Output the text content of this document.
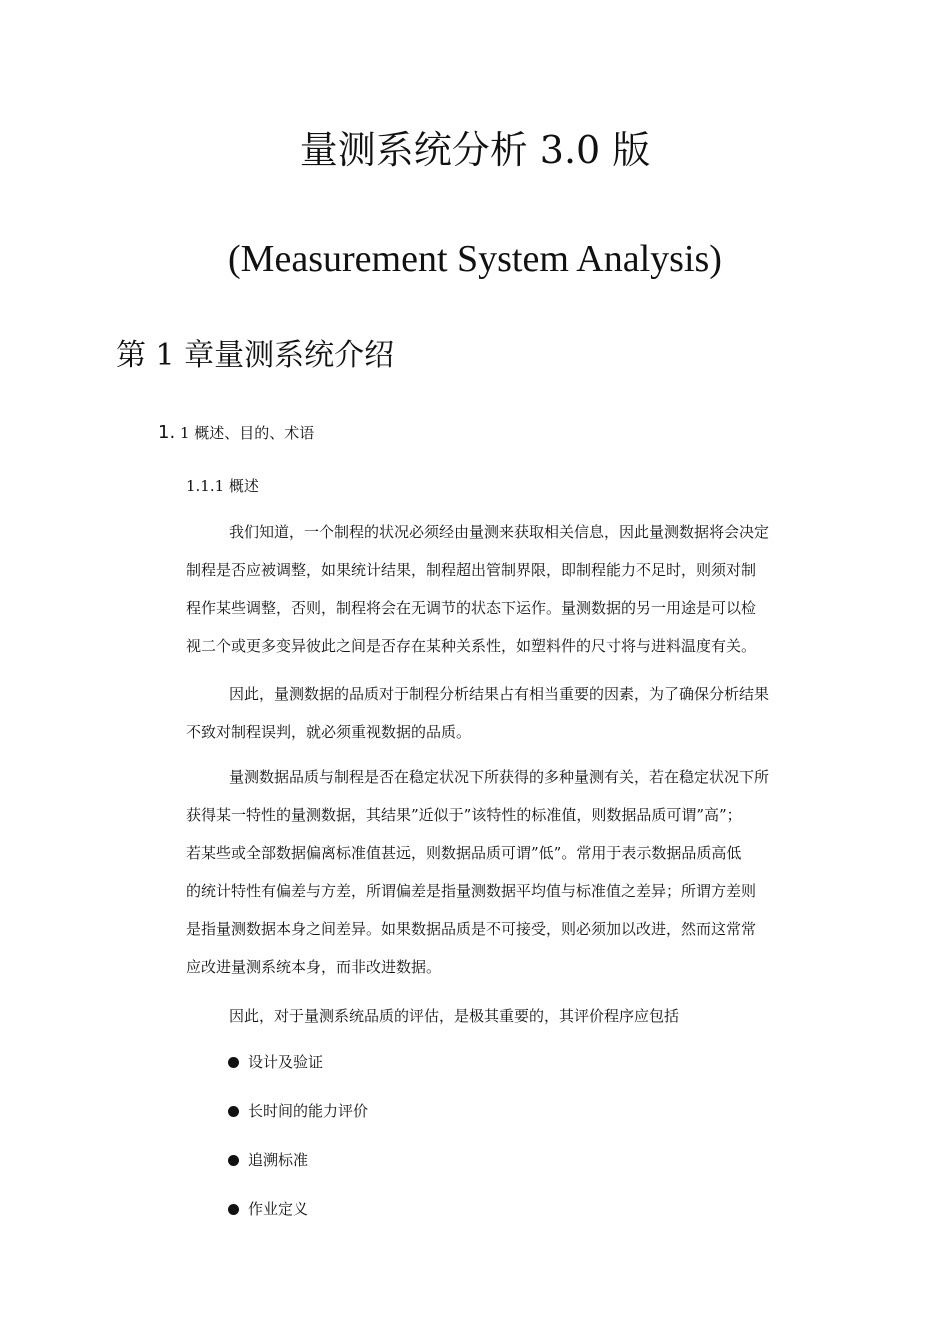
量测系统分析 3.0 版
(Measurement System Analysis)
第 1 章量测系统介绍
1. 1 概述、目的、术语
1.1.1 概述

我们知道，一个制程的状况必须经由量测来获取相关信息，因此量测数据将会决定
制程是否应被调整，如果统计结果，制程超出管制界限，即制程能力不足时，则须对制
程作某些调整，否则，制程将会在无调节的状态下运作。量测数据的另一用途是可以检
视二个或更多变异彼此之间是否存在某种关系性，如塑料件的尺寸将与进料温度有关。

因此，量测数据的品质对于制程分析结果占有相当重要的因素，为了确保分析结果
不致对制程误判，就必须重视数据的品质。

量测数据品质与制程是否在稳定状况下所获得的多种量测有关，若在稳定状况下所
获得某一特性的量测数据，其结果”近似于”该特性的标准值，则数据品质可谓”高”；
若某些或全部数据偏离标准值甚远，则数据品质可谓”低”。常用于表示数据品质高低
的统计特性有偏差与方差，所谓偏差是指量测数据平均值与标准值之差异；所谓方差则
是指量测数据本身之间差异。如果数据品质是不可接受，则必须加以改进，然而这常常
应改进量测系统本身，而非改进数据。

因此，对于量测系统品质的评估，是极其重要的，其评价程序应包括

设计及验证
长时间的能力评价
追溯标准
作业定义
